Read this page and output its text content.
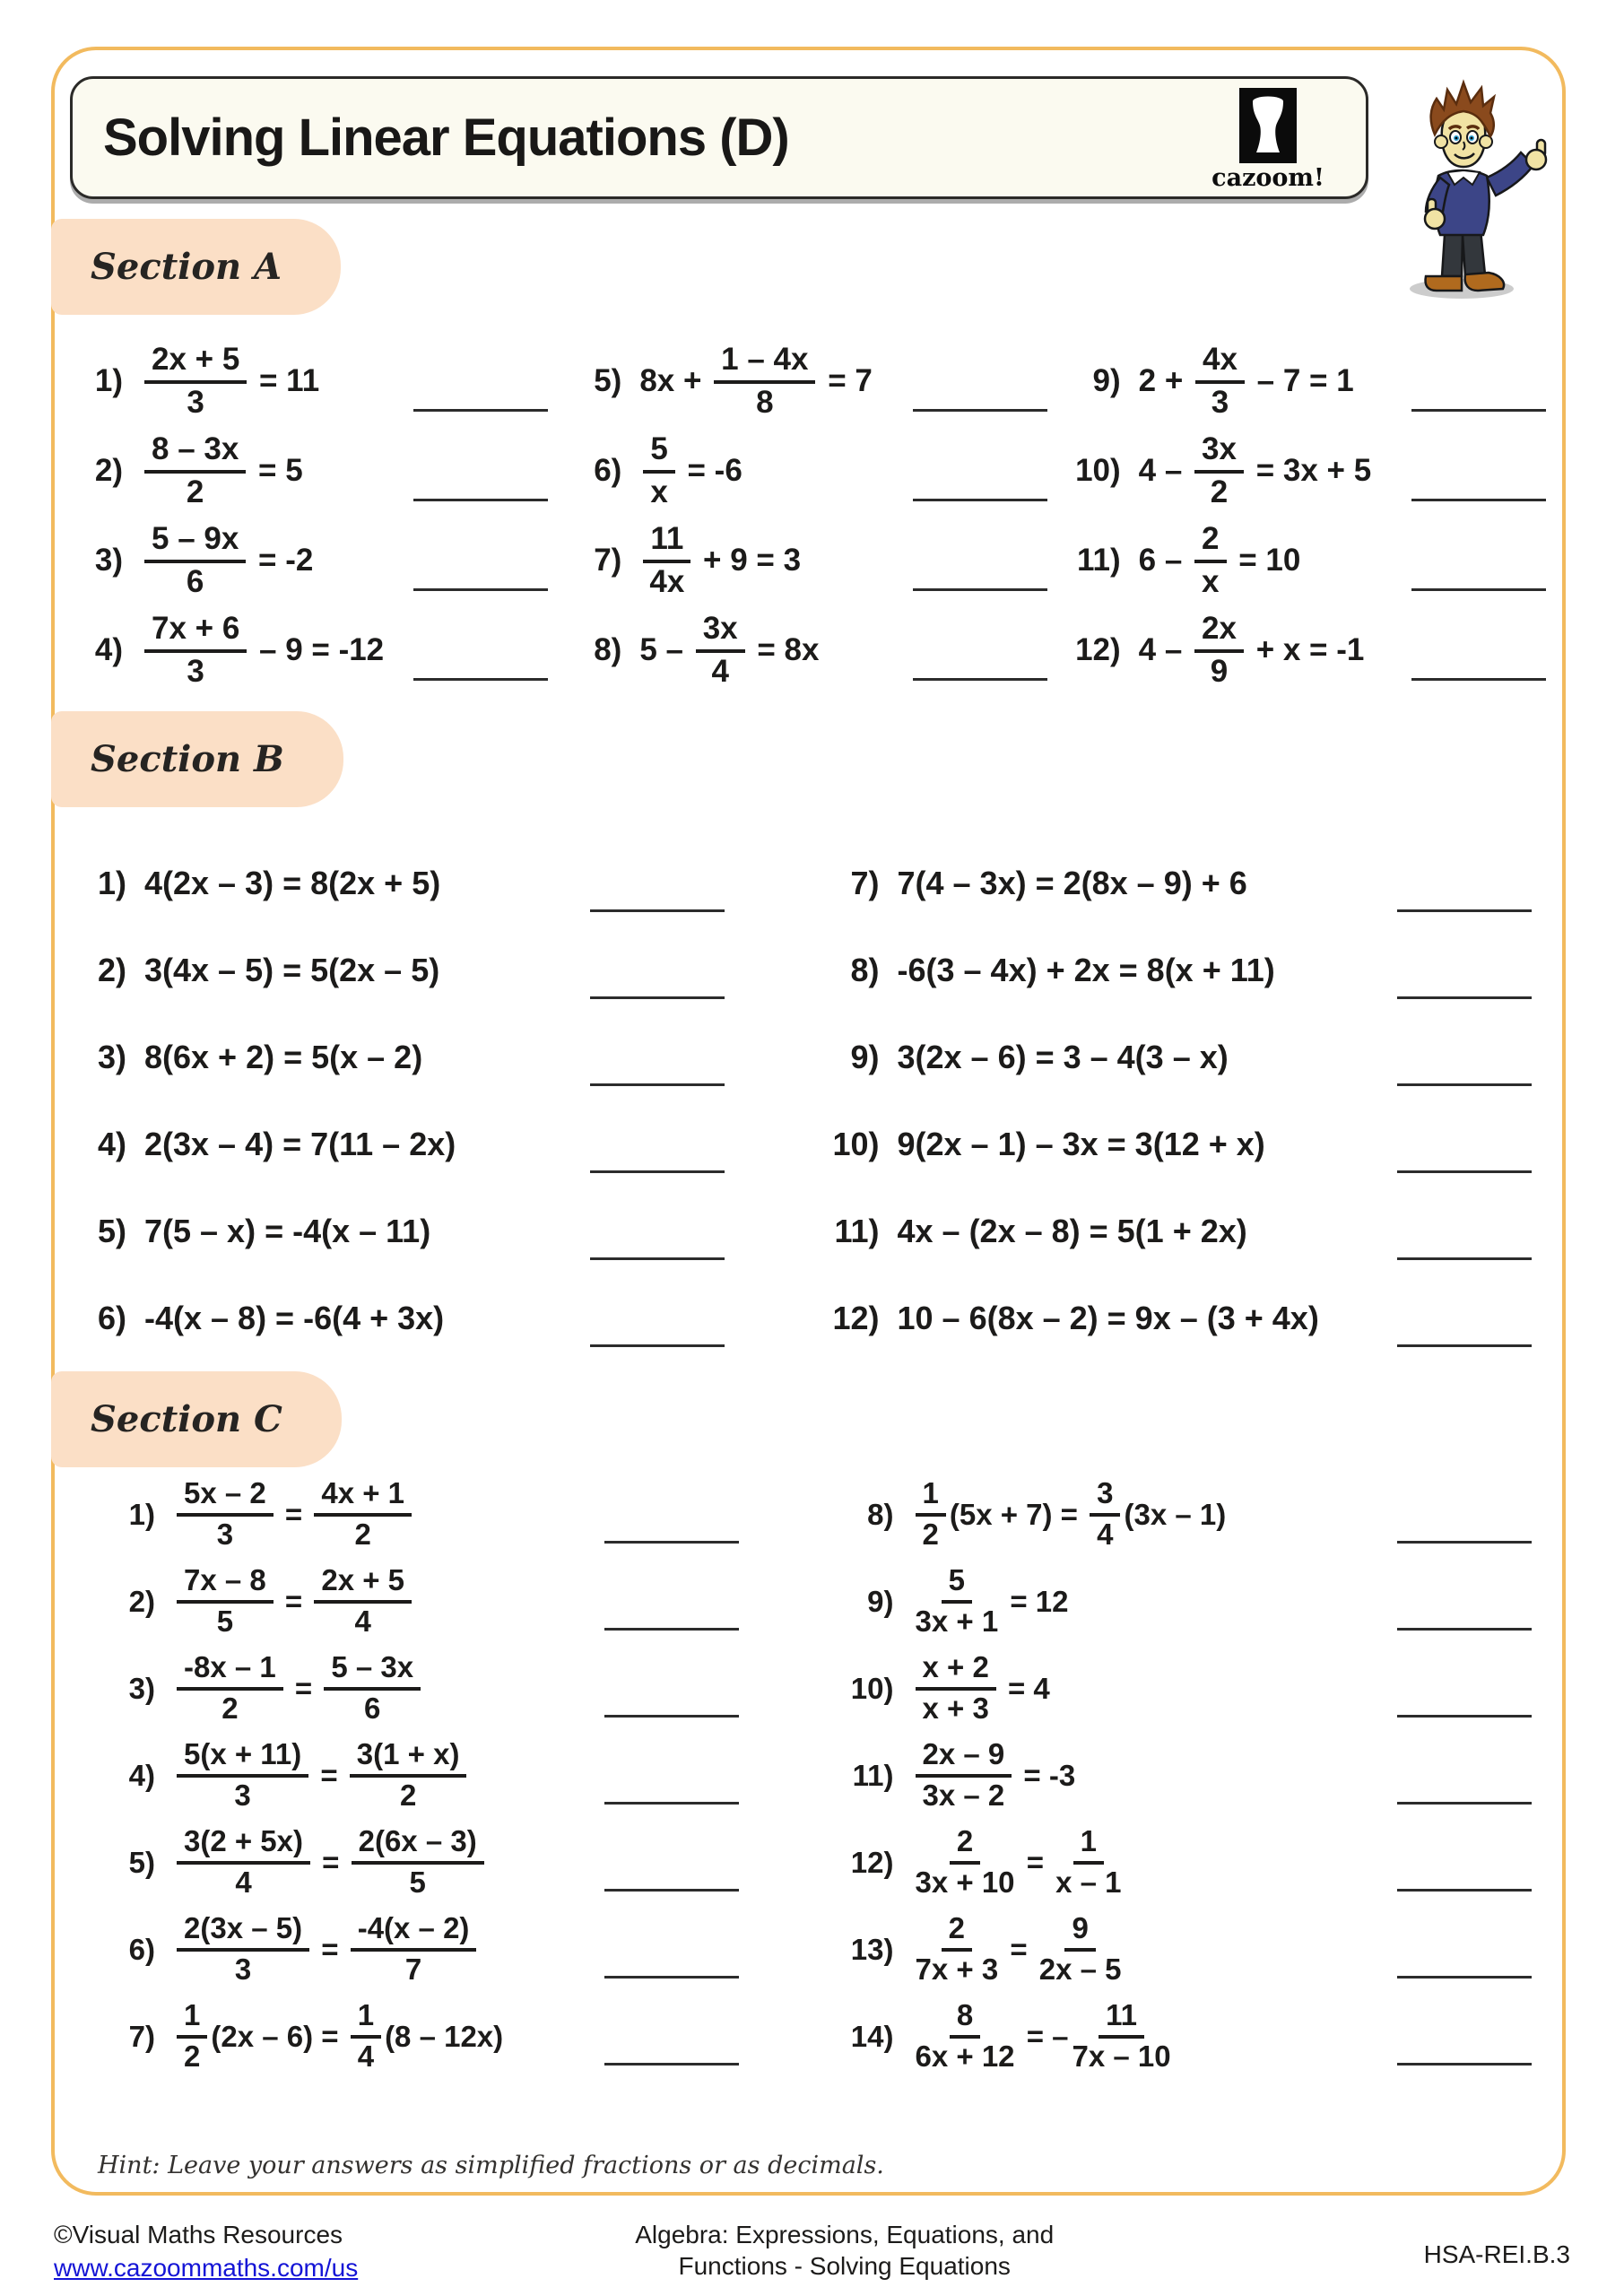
Solving Linear Equations (D)
cazoom!
Section A
$1) \frac{2x + 5}{3} = 11$
$2) \frac{8 - 3x}{2} = 5$
$3) \frac{5 - 9x}{6} = -2$
$4) \frac{7x + 6}{3} - 9 = -12$
5) $8x + \frac{1 - 4x}{8} = 7$
$6) \frac{5}{x} = -6$
$7) \frac{11}{4x} + 9 = 3$
8) $5 - \frac{3x}{4} = 8x$
9) $2 + \frac{4x}{3} - 7 = 1$
10) $4 - \frac{3x}{2} = 3x + 5$
11) $6 - \frac{2}{x} = 10$
12) $4 - \frac{2x}{9} + x = -1$
Section B
1) 4(2x – 3) = 8(2x + 5)
2) 3(4x – 5) = 5(2x – 5)
3) 8(6x + 2) = 5(x – 2)
4) 2(3x – 4) = 7(11 – 2x)
5) 7(5 – x) = -4(x – 11)
6) -4(x – 8) = -6(4 + 3x)
7) 7(4 – 3x) = 2(8x – 9) + 6
8) -6(3 – 4x) + 2x = 8(x + 11)
9) 3(2x – 6) = 3 – 4(3 – x)
10) 9(2x – 1) – 3x = 3(12 + x)
11) 4x – (2x – 8) = 5(1 + 2x)
12) 10 – 6(8x – 2) = 9x – (3 + 4x)
Section C
$1) \frac{5x - 2}{3} = \frac{4x + 1}{2}$
$2) \frac{7x - 8}{5} = \frac{2x + 5}{4}$
$3) \frac{-8x - 1}{2} = \frac{5 - 3x}{6}$
$4) \frac{5(x + 11)}{3} = \frac{3(1 + x)}{2}$
$5) \frac{3(2 + 5x)}{4} = \frac{2(6x - 3)}{5}$
$6) \frac{2(3x - 5)}{3} = \frac{-4(x - 2)}{7}$
$7) \frac{1}{2} (2x - 6) = \frac{1}{4} (8 - 12x)$
$8) \frac{1}{2} (5x + 7) = \frac{3}{4} (3x - 1)$
$9) \frac{5}{3x + 1} = 12$
$10) \frac{x + 2}{x + 3} = 4$
$11) \frac{2x - 9}{3x - 2} = -3$
$12) \frac{2}{3x + 10} = \frac{1}{x - 1}$
$13) \frac{2}{7x + 3} = \frac{9}{2x - 5}$
$14) \frac{8}{6x + 12}$ = – $\frac{11}{7x - 10}$
Hint: Leave your answers as simplified fractions or as decimals.
©Visual Maths Resources
www.cazoommaths.com/us
Algebra: Expressions, Equations, and
Functions - Solving Equations	HSA-REI.B.3
